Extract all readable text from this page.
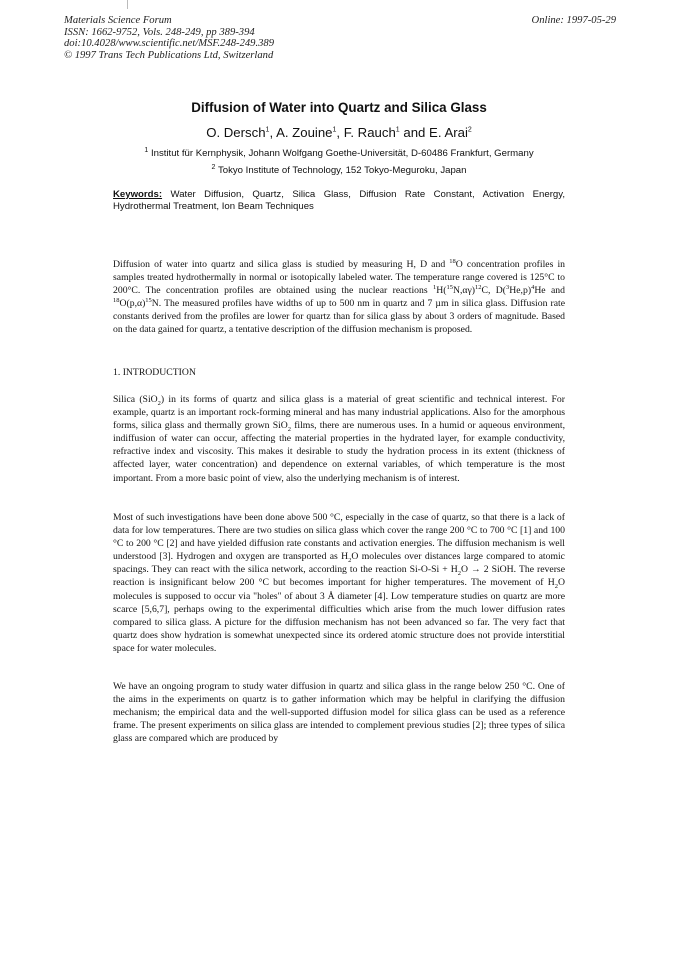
Materials Science Forum
ISSN: 1662-9752, Vols. 248-249, pp 389-394
doi:10.4028/www.scientific.net/MSF.248-249.389
© 1997 Trans Tech Publications Ltd, Switzerland
Online: 1997-05-29
Diffusion of Water into Quartz and Silica Glass
O. Dersch$^1$, A. Zouine$^1$, F. Rauch$^1$ and E. Arai$^2$
$^1$ Institut für Kernphysik, Johann Wolfgang Goethe-Universität, D-60486 Frankfurt, Germany
$^2$ Tokyo Institute of Technology, 152 Tokyo-Meguroku, Japan
Keywords: Water Diffusion, Quartz, Silica Glass, Diffusion Rate Constant, Activation Energy, Hydrothermal Treatment, Ion Beam Techniques
Diffusion of water into quartz and silica glass is studied by measuring H, D and $^{18}$O concentration profiles in samples treated hydrothermally in normal or isotopically labeled water. The temperature range covered is 125°C to 200°C. The concentration profiles are obtained using the nuclear reactions $^1H(^{15}N,\alpha\gamma)^{12}C$, $D(^3He,p)^4He$ and $^{18}O(p,\alpha)^{15}N$. The measured profiles have widths of up to 500 nm in quartz and 7 µm in silica glass. Diffusion rate constants derived from the profiles are lower for quartz than for silica glass by about 3 orders of magnitude. Based on the data gained for quartz, a tentative description of the diffusion mechanism is proposed.
1. INTRODUCTION
Silica (SiO$_2$) in its forms of quartz and silica glass is a material of great scientific and technical interest. For example, quartz is an important rock-forming mineral and has many industrial applications. Also for the amorphous forms, silica glass and thermally grown SiO$_2$ films, there are numerous uses. In a humid or aqueous environment, indiffusion of water can occur, affecting the material properties in the hydrated layer, for example conductivity, refractive index and viscosity. This makes it desirable to study the hydration process in its extent (thickness of affected layer, water concentration) and dependence on external variables, of which temperature is the most important. From a more basic point of view, also the underlying mechanism is of interest.
Most of such investigations have been done above 500 °C, especially in the case of quartz, so that there is a lack of data for low temperatures. There are two studies on silica glass which cover the range 200 °C to 700 °C [1] and 100 °C to 200 °C [2] and have yielded diffusion rate constants and activation energies. The diffusion mechanism is well understood [3]. Hydrogen and oxygen are transported as $H_2O$ molecules over distances large compared to atomic spacings. They can react with the silica network, according to the reaction $Si-O-Si + H_2O \to 2$ SiOH. The reverse reaction is insignificant below 200 °C but becomes important for higher temperatures. The movement of $H_2O$ molecules is supposed to occur via "holes" of about 3 Å diameter [4]. Low temperature studies on quartz are more scarce [5,6,7], perhaps owing to the experimental difficulties which arise from the much lower diffusion rates compared to silica glass. A picture for the diffusion mechanism has not been advanced so far. The very fact that quartz does show hydration is somewhat unexpected since its ordered atomic structure does not provide interstitial space for water molecules.
We have an ongoing program to study water diffusion in quartz and silica glass in the range below 250 °C. One of the aims in the experiments on quartz is to gather information which may be helpful in clarifying the diffusion mechanism; the empirical data and the well-supported diffusion model for silica glass can be used as a reference frame. The present experiments on silica glass are intended to complement previous studies [2]; three types of silica glass are compared which are produced by
